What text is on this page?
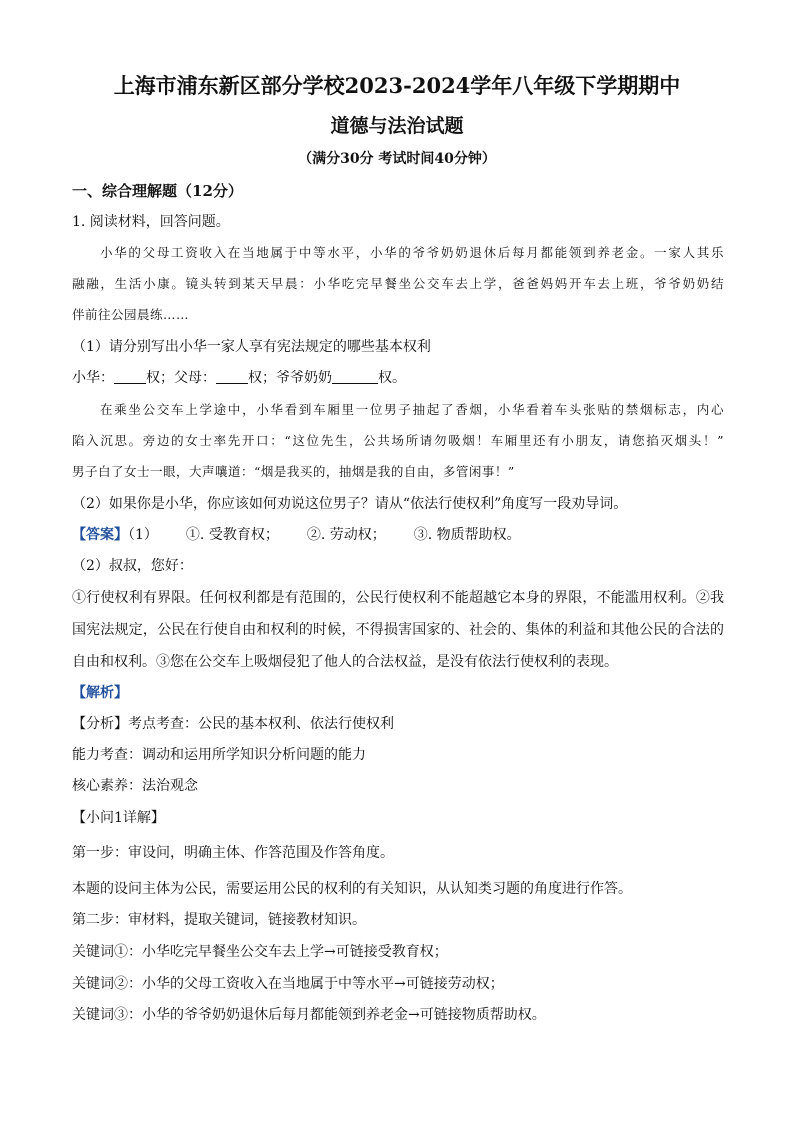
上海市浦东新区部分学校2023-2024学年八年级下学期期中
道德与法治试题
（满分30分 考试时间40分钟）
一、综合理解题（12分）
1. 阅读材料，回答问题。
小华的父母工资收入在当地属于中等水平，小华的爷爷奶奶退休后每月都能领到养老金。一家人其乐
融融，生活小康。镜头转到某天早晨：小华吃完早餐坐公交车去上学，爸爸妈妈开车去上班，爷爷奶奶结
伴前往公园晨练……
（1）请分别写出小华一家人享有宪法规定的哪些基本权利
小华： 权；父母： 权；爷爷奶奶	权。
在乘坐公交车上学途中，小华看到车厢里一位男子抽起了香烟，小华看着车头张贴的禁烟标志，内心
陷入沉思。旁边的女士率先开口：“这位先生，公共场所请勿吸烟！车厢里还有小朋友，请您掐灭烟头！”
男子白了女士一眼，大声嚷道：“烟是我买的，抽烟是我的自由，多管闲事！”
（2）如果你是小华，你应该如何劝说这位男子？请从“依法行使权利”角度写一段劝导词。
【答案】（1） ①. 受教育权； ②. 劳动权； ③. 物质帮助权。
（2）叔叔，您好：
①行使权利有界限。任何权利都是有范围的，公民行使权利不能超越它本身的界限，不能滥用权利。②我
国宪法规定，公民在行使自由和权利的时候，不得损害国家的、社会的、集体的利益和其他公民的合法的
自由和权利。③您在公交车上吸烟侵犯了他人的合法权益，是没有依法行使权利的表现。
【解析】
【分析】考点考查：公民的基本权利、依法行使权利
能力考查：调动和运用所学知识分析问题的能力
核心素养：法治观念
【小问1详解】
第一步：审设问，明确主体、作答范围及作答角度。
本题的设问主体为公民，需要运用公民的权利的有关知识，从认知类习题的角度进行作答。
第二步：审材料，提取关键词，链接教材知识。
关键词①：小华吃完早餐坐公交车去上学→可链接受教育权；
关键词②：小华的父母工资收入在当地属于中等水平→可链接劳动权；
关键词③：小华的爷爷奶奶退休后每月都能领到养老金→可链接物质帮助权。
